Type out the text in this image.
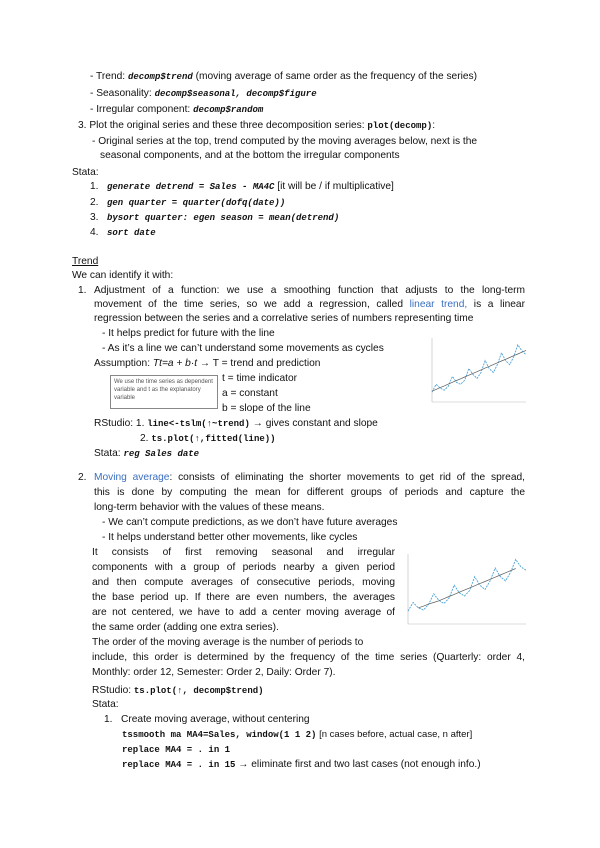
- Trend: decomp$trend (moving average of same order as the frequency of the series)
- Seasonality: decomp$seasonal, decomp$figure
- Irregular component: decomp$random
3. Plot the original series and these three decomposition series: plot(decomp):
- Original series at the top, trend computed by the moving averages below, next is the
seasonal components, and at the bottom the irregular components
Stata:
1. generate detrend = Sales - MA4C [it will be / if multiplicative]
2. gen quarter = quarter(dofq(date))
3. bysort quarter: egen season = mean(detrend)
4. sort date
Trend
We can identify it with:
1. Adjustment of a function: we use a smoothing function that adjusts to the long-term
movement of the time series, so we add a regression, called linear trend, is a linear
regression between the series and a correlative series of numbers representing time
- It helps predict for future with the line
- As it’s a line we can’t understand some movements as cycles
Assumption: Tt=a + b·t → T = trend and prediction
t = time indicator
a = constant
b = slope of the line
We use the time series as dependent variable and t as the explanatory variable
RStudio: 1. line<-tslm(↑~trend) → gives constant and slope
2. ts.plot(↑,fitted(line))
Stata: reg Sales date
2. Moving average: consists of eliminating the shorter movements to get rid of the spread,
this is done by computing the mean for different groups of periods and capture the
long-term behavior with the values of these means.
- We can’t compute predictions, as we don’t have future averages
- It helps understand better other movements, like cycles
It consists of first removing seasonal and irregular
components with a group of periods nearby a given period
and then compute averages of consecutive periods, moving
the base period up. If there are even numbers, the averages
are not centered, we have to add a center moving average of
the same order (adding one extra series).
The order of the moving average is the number of periods to
include, this order is determined by the frequency of the time series (Quarterly: order 4,
Monthly: order 12, Semester: Order 2, Daily: Order 7).
RStudio: ts.plot(↑, decomp$trend)
Stata:
1. Create moving average, without centering
tssmooth ma MA4=Sales, window(1 1 2) [n cases before, actual case, n after]
replace MA4 = . in 1
replace MA4 = . in 15 → eliminate first and two last cases (not enough info.)
